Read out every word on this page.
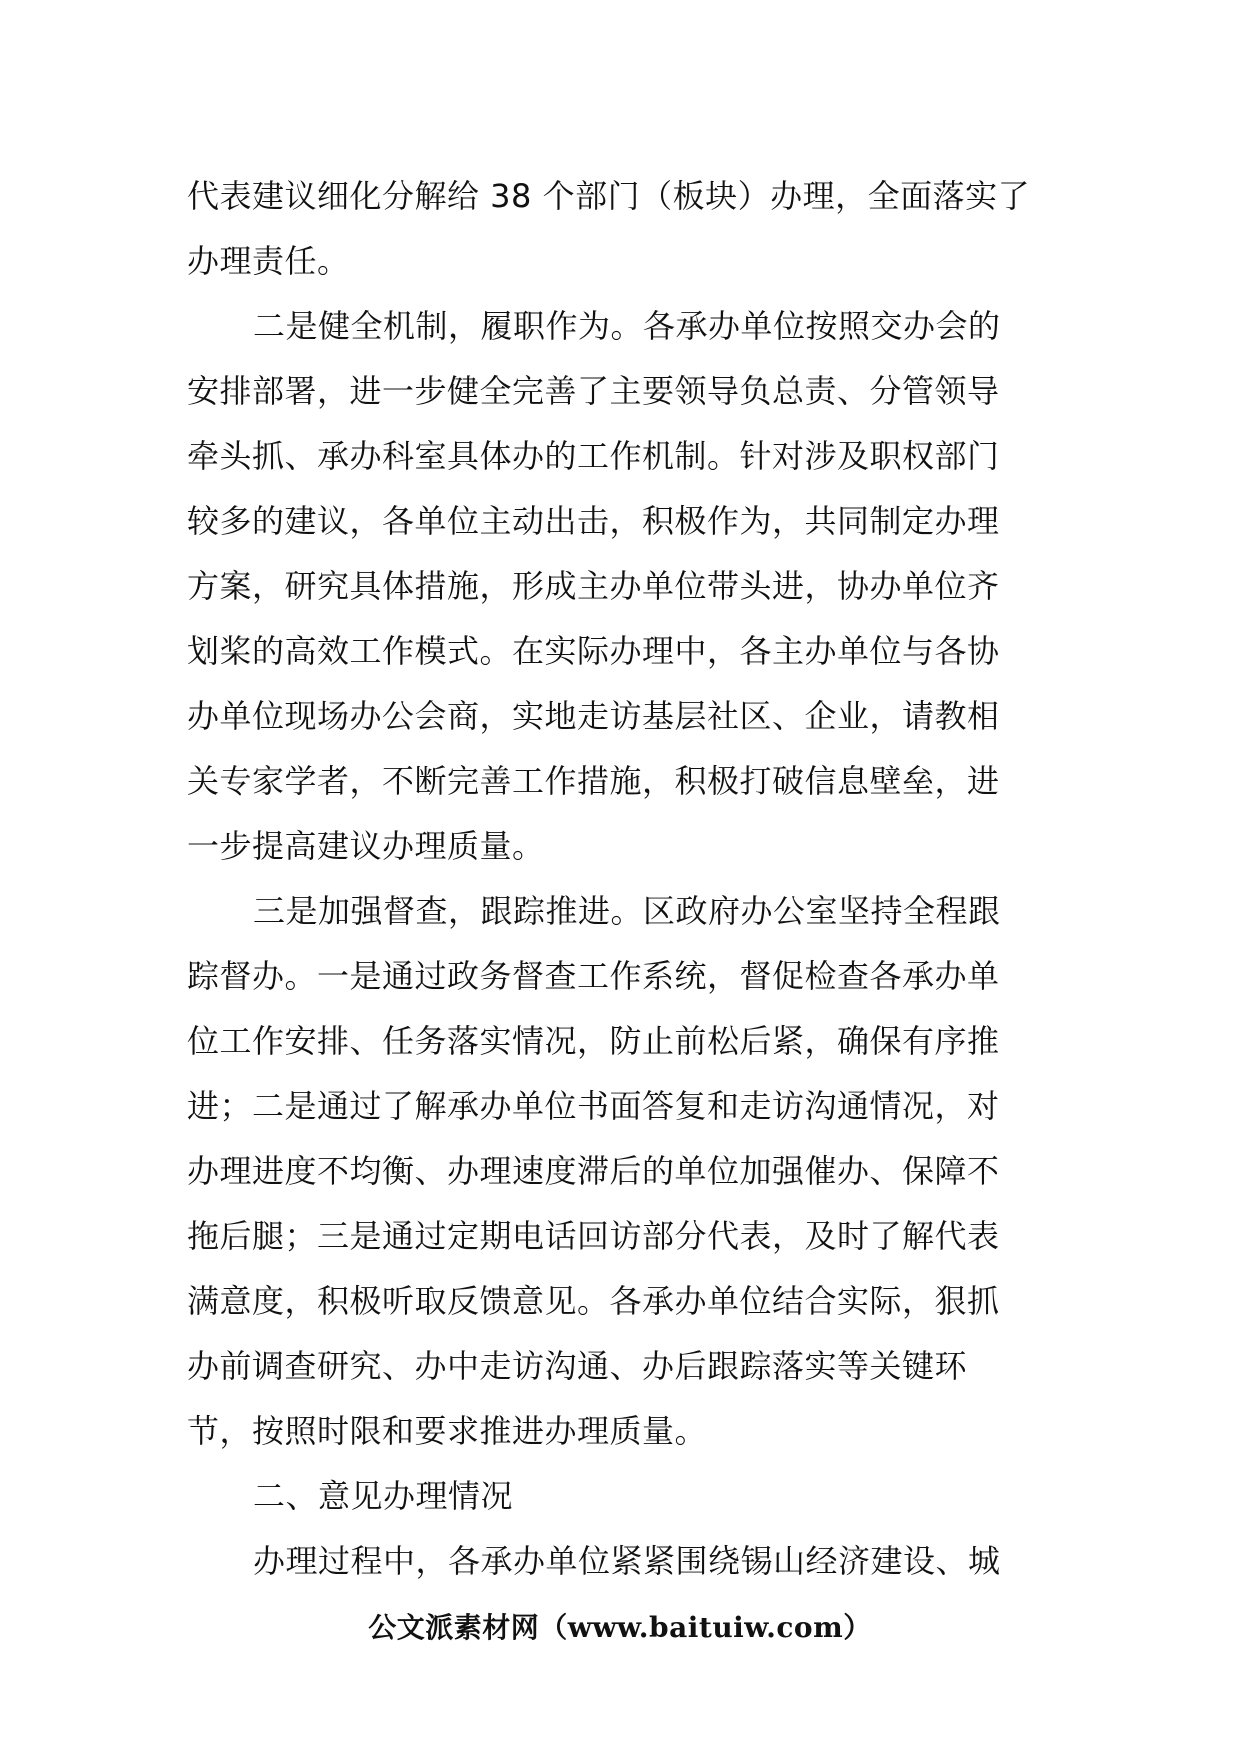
代表建议细化分解给 38 个部门（板块）办理，全面落实了
办理责任。
二是健全机制，履职作为。各承办单位按照交办会的
安排部署，进一步健全完善了主要领导负总责、分管领导
牵头抓、承办科室具体办的工作机制。针对涉及职权部门
较多的建议，各单位主动出击，积极作为，共同制定办理
方案，研究具体措施，形成主办单位带头进，协办单位齐
划桨的高效工作模式。在实际办理中，各主办单位与各协
办单位现场办公会商，实地走访基层社区、企业，请教相
关专家学者，不断完善工作措施，积极打破信息壁垒，进
一步提高建议办理质量。
三是加强督查，跟踪推进。区政府办公室坚持全程跟
踪督办。一是通过政务督查工作系统，督促检查各承办单
位工作安排、任务落实情况，防止前松后紧，确保有序推
进；二是通过了解承办单位书面答复和走访沟通情况，对
办理进度不均衡、办理速度滞后的单位加强催办、保障不
拖后腿；三是通过定期电话回访部分代表，及时了解代表
满意度，积极听取反馈意见。各承办单位结合实际，狠抓
办前调查研究、办中走访沟通、办后跟踪落实等关键环
节，按照时限和要求推进办理质量。
二、意见办理情况
办理过程中，各承办单位紧紧围绕锡山经济建设、城
公文派素材网（www.baituiw.com）
